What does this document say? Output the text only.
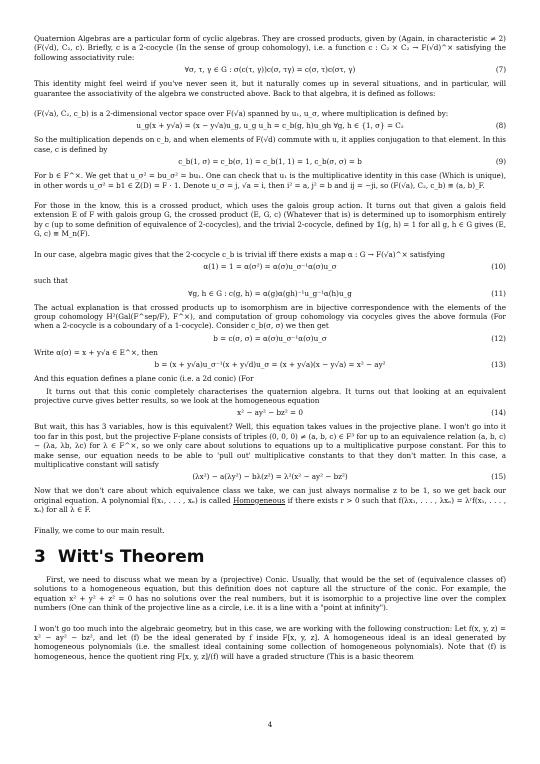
Quaternion Algebras are a particular form of cyclic algebras. They are crossed products, given by (Again, in characteristic ≠ 2) (F(√d), C₂, c). Briefly, c is a 2-cocycle (In the sense of group cohomology), i.e. a function c : C₂ × C₂ → F(√d)^× satisfying the following associativity rule:

∀σ, τ, γ ∈ G : σ(c(τ, γ))c(σ, τγ) = c(σ, τ)c(στ, γ)	(7)

This identity might feel weird if you've never seen it, but it naturally comes up in several situations, and in particular, will guarantee the associativity of the algebra we constructed above. Back to that algebra, it is defined as follows:

(F(√a), C₂, c_b) is a 2-dimensional vector space over F(√a) spanned by u₁, u_σ, where multiplication is defined by:

u_g(x + y√a) = (x − y√a)u_g, u_g u_h = c_b(g, h)u_gh ∀g, h ∈ {1, σ} = C₂	(8)

So the multiplication depends on c_b, and when elements of F(√d) commute with u, it applies conjugation to that element. In this case, c is defined by

c_b(1, σ) = c_b(σ, 1) = c_b(1, 1) = 1, c_b(σ, σ) = b	(9)

For b ∈ F^×. We get that u_σ² = bu_σ² = bu₁. One can check that u₁ is the multiplicative identity in this case (Which is unique), in other words u_σ² = b1 ∈ Z(D) = F · 1. Denote u_σ = j, √a = i, then i² = a, j² = b and ij = −ji, so (F(√a), C₂, c_b) ≅ (a, b)_F.

For those in the know, this is a crossed product, which uses the galois group action. It turns out that given a galois field extension E of F with galois group G, the crossed product (E, G, c) (Whatever that is) is determined up to isomorphism entirely by c (up to some definition of equivalence of 2-cocycles), and the trivial 2-cocycle, defined by 𝟙(g, h) = 1 for all g, h ∈ G gives (E, G, c) ≅ M_n(F).

In our case, algebra magic gives that the 2-cocycle c_b is trivial iff there exists a map α : G → F(√a)^× satisfying

α(1) = 1 = α(σ²) = α(σ)u_σ⁻¹α(σ)u_σ	(10)

such that

∀g, h ∈ G : c(g, h) = α(g)α(gh)⁻¹u_g⁻¹α(h)u_g	(11)

The actual explanation is that crossed products up to isomorphism are in bijective correspondence with the elements of the group cohomology H²(Gal(F^sep/F), F^×), and computation of group cohomology via cocycles gives the above formula (For when a 2-cocycle is a coboundary of a 1-cocycle). Consider c_b(σ, σ) we then get

b = c(σ, σ) = α(σ)u_σ⁻¹α(σ)u_σ	(12)

Write α(σ) = x + y√a ∈ E^×, then

b = (x + y√a)u_σ⁻¹(x + y√d)u_σ = (x + y√a)(x − y√a) = x² − ay²	(13)

And this equation defines a plane conic (i.e. a 2d conic) (For

It turns out that this conic completely characterises the quaternion algebra. It turns out that looking at an equivalent projective curve gives better results, so we look at the homogeneous equation

x² − ay² − bz² = 0	(14)

But wait, this has 3 variables, how is this equivalent? Well, this equation takes values in the projective plane. I won't go into it too far in this post, but the projective F-plane consists of triples (0, 0, 0) ≠ (a, b, c) ∈ F³ for up to an equivalence relation (a, b, c) ∼ (λa, λb, λc) for λ ∈ F^×, so we only care about solutions to equations up to a multiplicative purpose constant. For this to make sense, our equation needs to be able to 'pull out' multiplicative constants to that they don't matter. In this case, a multiplicative constant will satisfy

(λx²) − a(λy²) − bλ(z²) = λ²(x² − ay² − bz²)	(15)

Now that we don't care about which equivalence class we take, we can just always normalise z to be 1, so we get back our original equation. A polynomial f(x₁, . . . , xₙ) is called Homogeneous if there exists r > 0 such that f(λx₁, . . . , λxₙ) = λʳf(x₁, . . . , xₙ) for all λ ∈ F.

Finally, we come to our main result.

3 Witt's Theorem

First, we need to discuss what we mean by a (projective) Conic. Usually, that would be the set of (equivalence classes of) solutions to a homogeneous equation, but this definition does not capture all the structure of the conic. For example, the equation x² + y² + z² = 0 has no solutions over the real numbers, but it is isomorphic to a projective line over the complex numbers (One can think of the projective line as a circle, i.e. it is a line with a "point at infinity").

I won't go too much into the algebraic geometry, but in this case, we are working with the following construction: Let f(x, y, z) = x² − ay² − bz², and let (f) be the ideal generated by f inside F[x, y, z]. A homogeneous ideal is an ideal generated by homogeneous polynomials (i.e. the smallest ideal containing some collection of homogeneous polynomials). Note that (f) is homogeneous, hence the quotient ring F[x, y, z]/(f) will have a graded structure (This is a basic theorem

4
